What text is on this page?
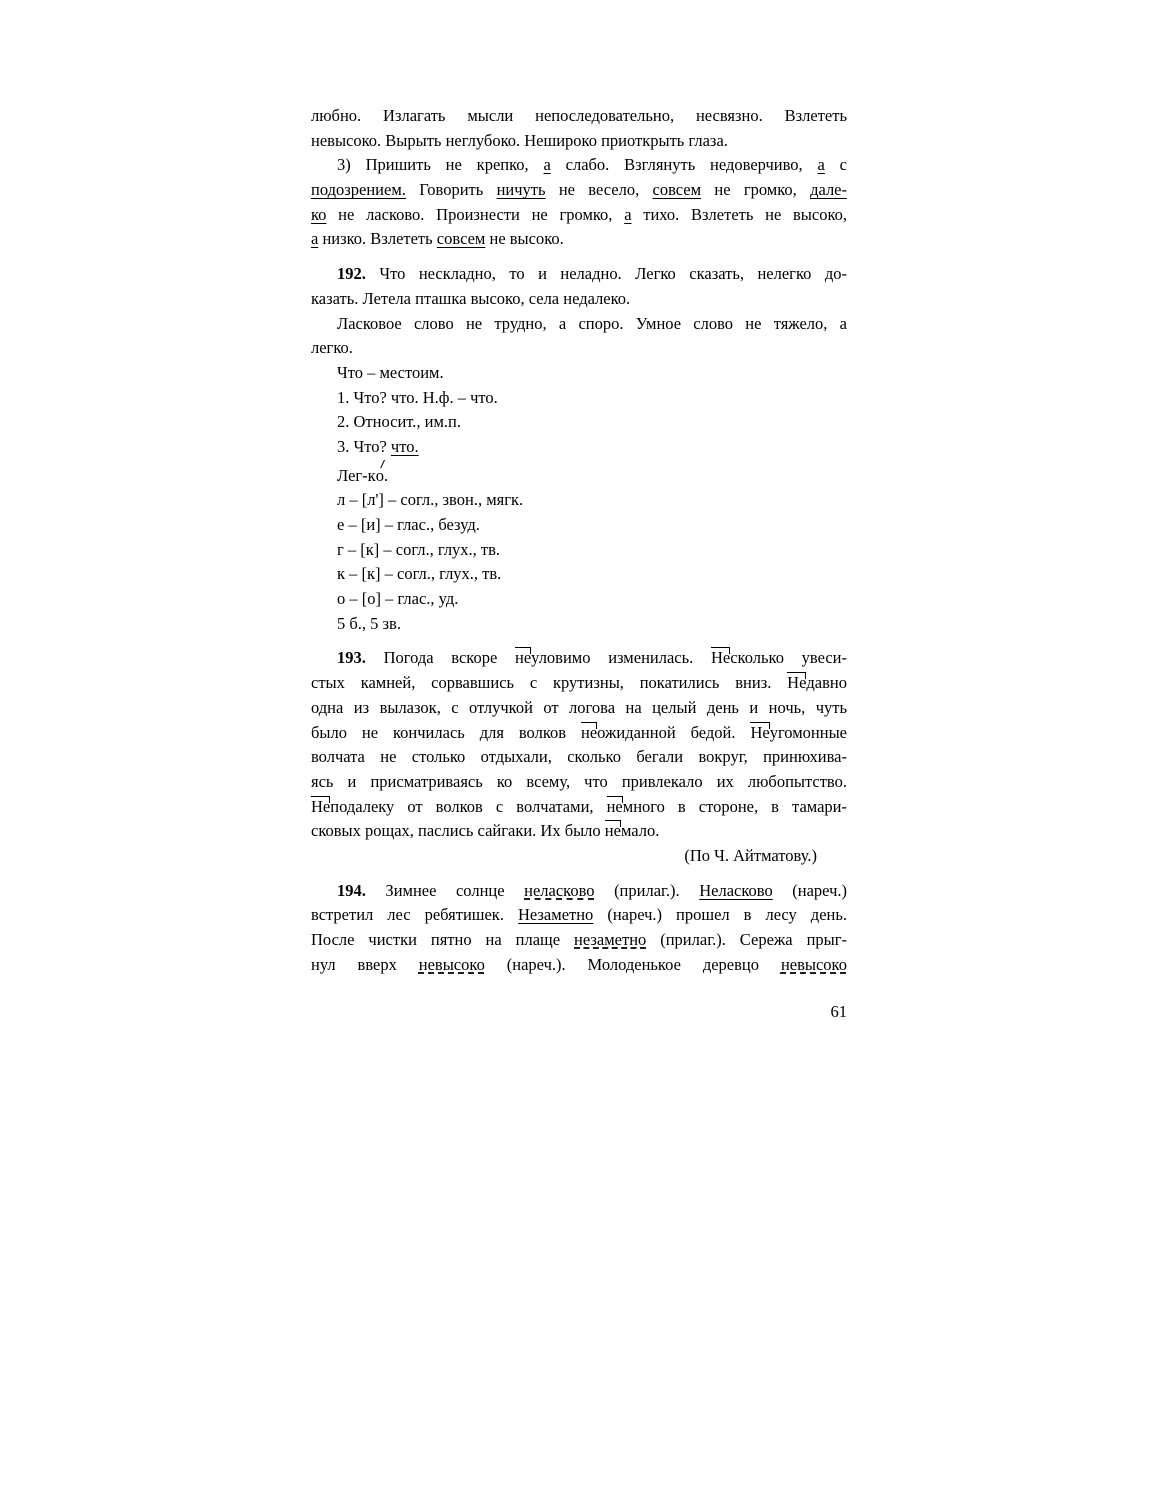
любно. Излагать мысли непоследовательно, несвязно. Взлететь
невысоко. Вырыть неглубоко. Неширoко приоткрыть глаза.
3) Пришить не крепко, а слабо. Взглянуть недоверчиво, а с
подозрением. Говорить ничуть не весело, совсем не громко, дале-
ко не ласково. Произнести не громко, а тихо. Взлететь не высоко,
а низко. Взлететь совсем не высоко.
192. Что нескладно, то и неладно. Легко сказать, нелегко до-
казать. Летела пташка высоко, села недалеко.
Ласковое слово не трудно, а споро. Умное слово не тяжело, а
легко.
Что – местоим.
1. Что? что. Н.ф. – что.
2. Относит., им.п.
3. Что? что.
Лег-ко.
л – [л'] – согл., звон., мягк.
е – [и] – глас., безуд.
г – [к] – согл., глух., тв.
к – [к] – согл., глух., тв.
о – [о] – глас., уд.
5 б., 5 зв.
193. Погода вскоре неуловимо изменилась. Несколько увеси-
стых камней, сорвавшись с крутизны, покатились вниз. Недавно
одна из вылазок, с отлучкой от логова на целый день и ночь, чуть
было не кончилась для волков неожиданной бедой. Неугомонные
волчата не столько отдыхали, сколько бегали вокруг, принюхива-
ясь и присматриваясь ко всему, что привлекало их любопытство.
Неподалеку от волков с волчатами, немного в стороне, в тамари-
сковых рощах, паслись сайгаки. Их было немало.
(По Ч. Айтматову.)
194. Зимнее солнце неласково (прилаг.). Неласково (нареч.)
встретил лес ребятишек. Незаметно (нареч.) прошел в лесу день.
После чистки пятно на плаще незаметно (прилаг.). Сережа прыг-
нул вверх невысоко (нареч.). Молоденькое деревцо невысоко
61
